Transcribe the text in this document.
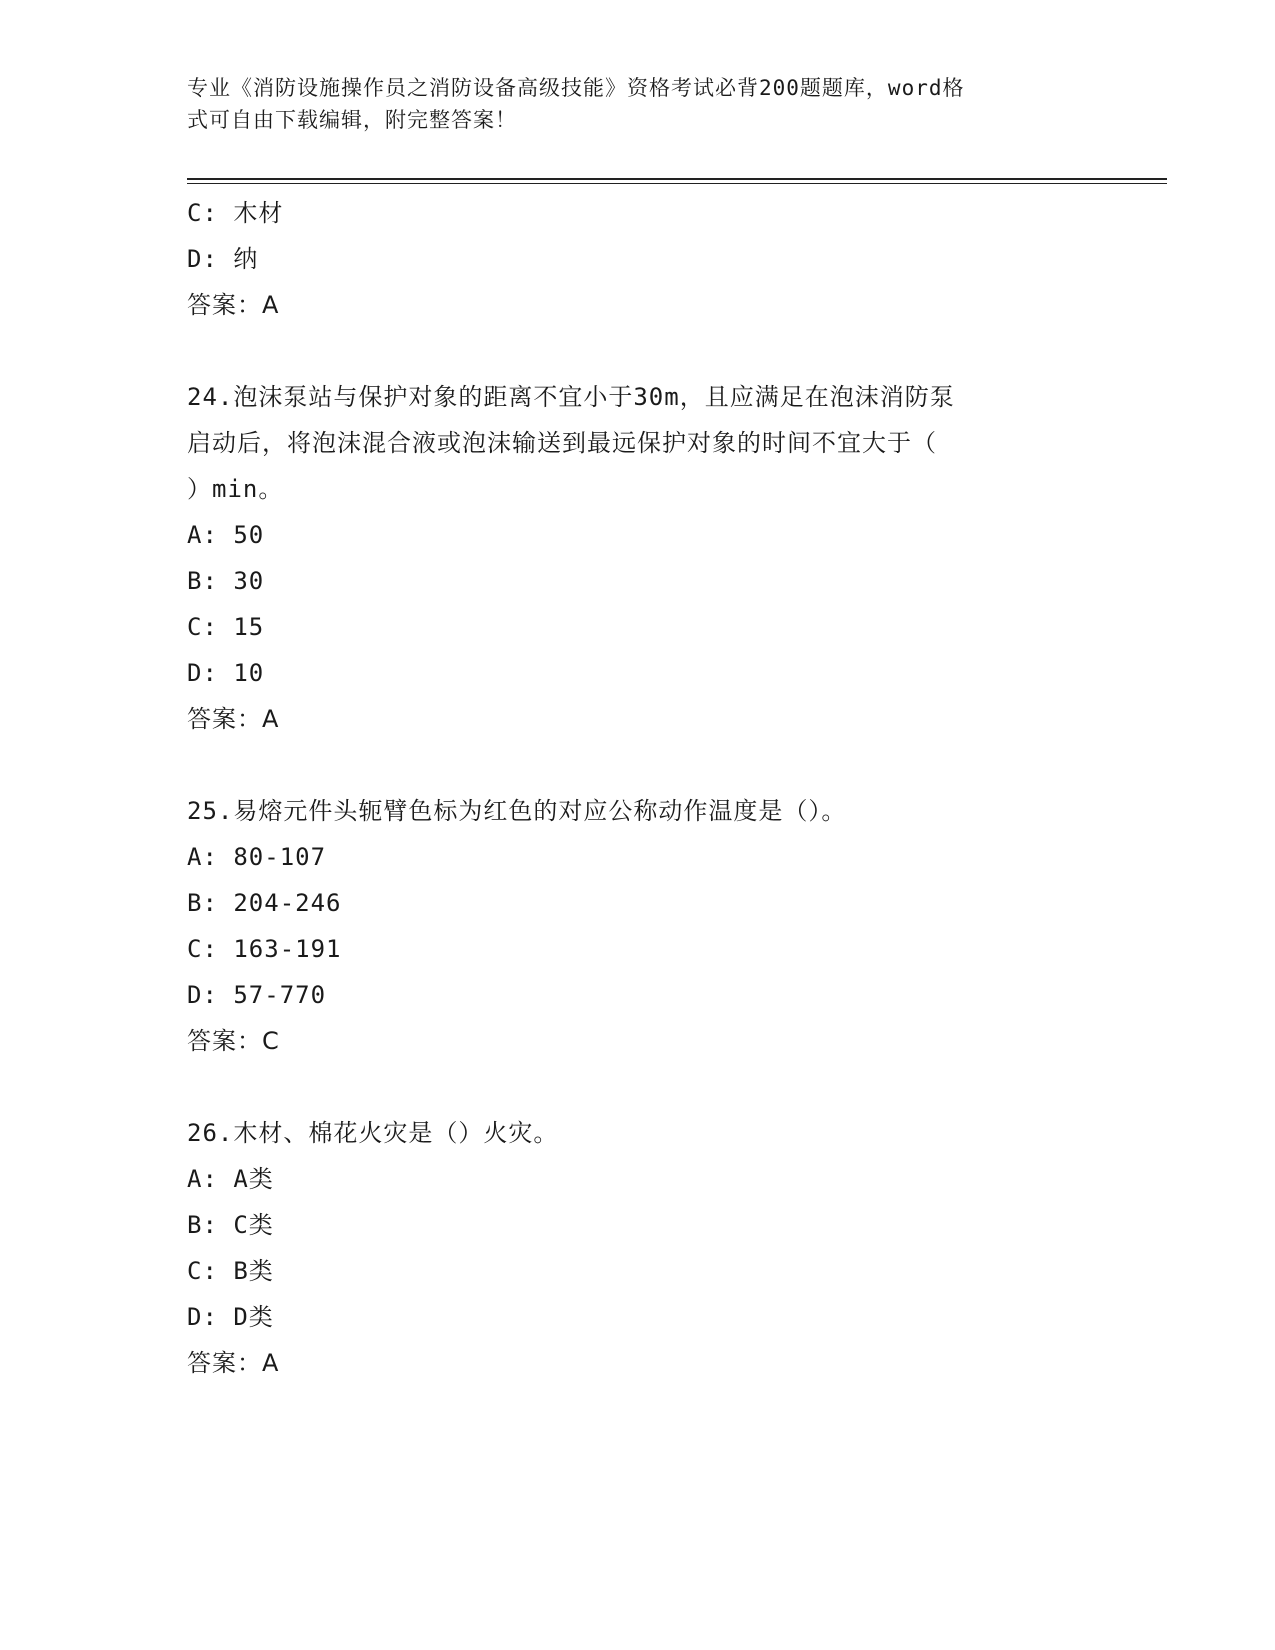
专业《消防设施操作员之消防设备高级技能》资格考试必背200题题库，word格
式可自由下载编辑，附完整答案！
C: 木材
D: 纳
答案：A
24.泡沫泵站与保护对象的距离不宜小于30m，且应满足在泡沫消防泵
启动后，将泡沫混合液或泡沫输送到最远保护对象的时间不宜大于（
）min。
A: 50
B: 30
C: 15
D: 10
答案：A
25.易熔元件头轭臂色标为红色的对应公称动作温度是（）。
A: 80-107
B: 204-246
C: 163-191
D: 57-770
答案：C
26.木材、棉花火灾是（）火灾。
A: A类
B: C类
C: B类
D: D类
答案：A
